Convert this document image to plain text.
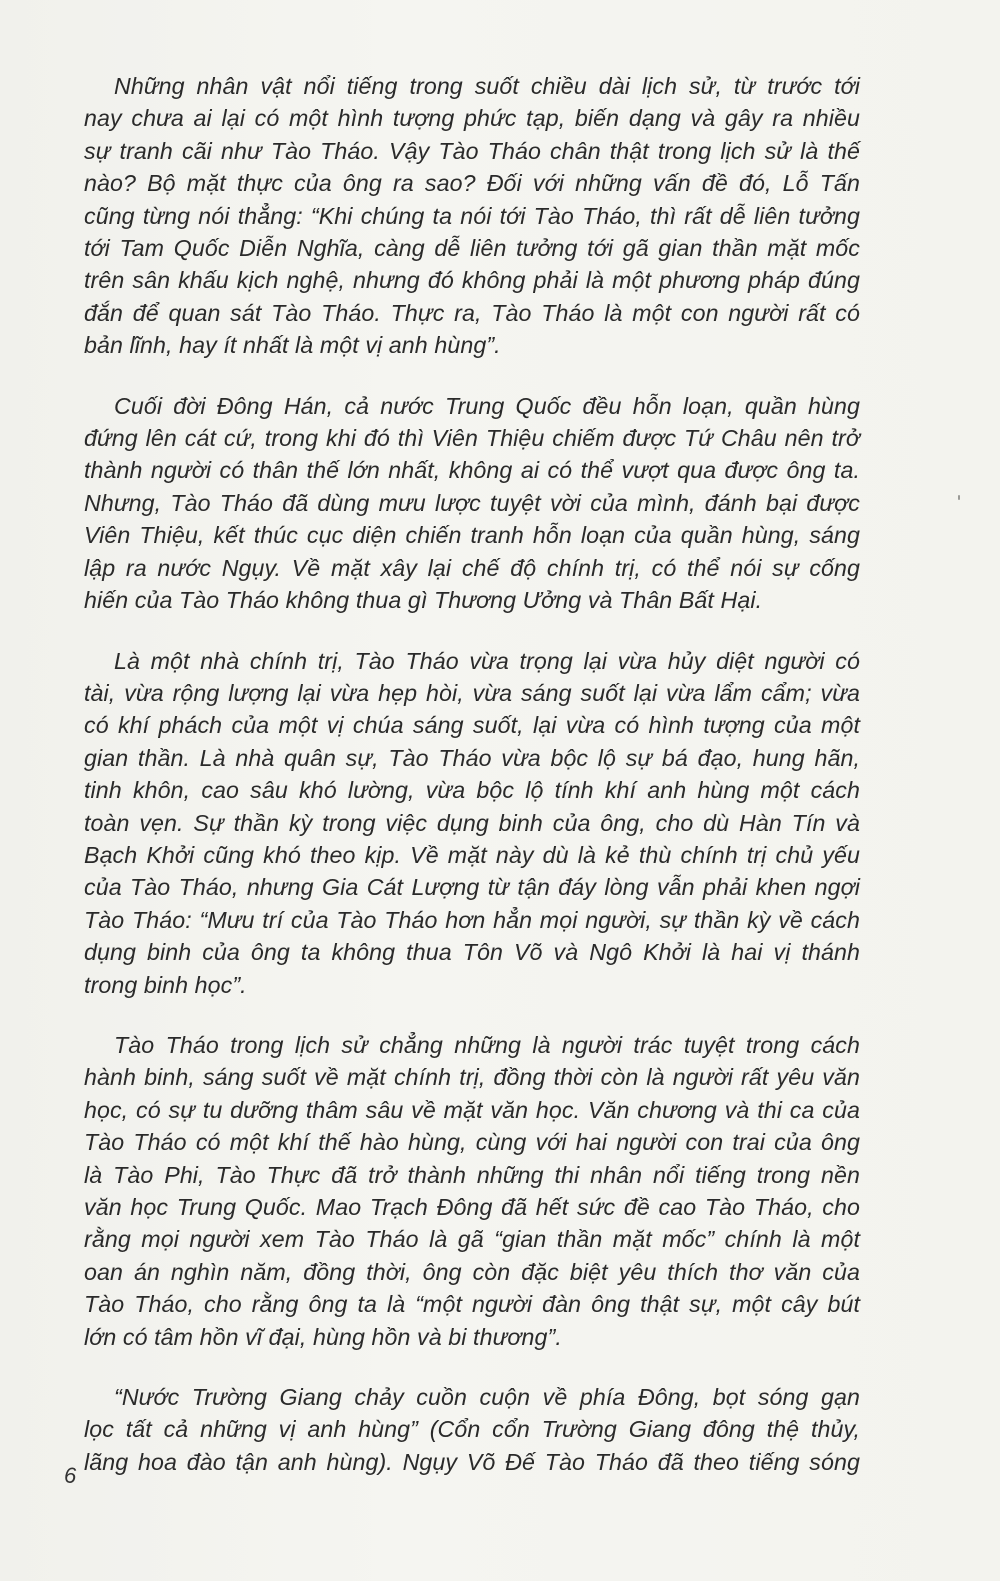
Những nhân vật nổi tiếng trong suốt chiều dài lịch sử, từ trước tới
nay chưa ai lại có một hình tượng phức tạp, biến dạng và gây ra nhiều
sự tranh cãi như Tào Tháo. Vậy Tào Tháo chân thật trong lịch sử là thế
nào? Bộ mặt thực của ông ra sao? Đối với những vấn đề đó, Lỗ Tấn
cũng từng nói thẳng: “Khi chúng ta nói tới Tào Tháo, thì rất dễ liên tưởng
tới Tam Quốc Diễn Nghĩa, càng dễ liên tưởng tới gã gian thần mặt mốc
trên sân khấu kịch nghệ, nhưng đó không phải là một phương pháp đúng
đắn để quan sát Tào Tháo. Thực ra, Tào Tháo là một con người rất có
bản lĩnh, hay ít nhất là một vị anh hùng”.
Cuối đời Đông Hán, cả nước Trung Quốc đều hỗn loạn, quần hùng
đứng lên cát cứ, trong khi đó thì Viên Thiệu chiếm được Tứ Châu nên trở
thành người có thân thế lớn nhất, không ai có thể vượt qua được ông ta.
Nhưng, Tào Tháo đã dùng mưu lược tuyệt vời của mình, đánh bại được
Viên Thiệu, kết thúc cục diện chiến tranh hỗn loạn của quần hùng, sáng
lập ra nước Ngụy. Về mặt xây lại chế độ chính trị, có thể nói sự cống
hiến của Tào Tháo không thua gì Thương Ưởng và Thân Bất Hại.
Là một nhà chính trị, Tào Tháo vừa trọng lại vừa hủy diệt người có
tài, vừa rộng lượng lại vừa hẹp hòi, vừa sáng suốt lại vừa lẩm cẩm; vừa
có khí phách của một vị chúa sáng suốt, lại vừa có hình tượng của một
gian thần. Là nhà quân sự, Tào Tháo vừa bộc lộ sự bá đạo, hung hãn,
tinh khôn, cao sâu khó lường, vừa bộc lộ tính khí anh hùng một cách
toàn vẹn. Sự thần kỳ trong việc dụng binh của ông, cho dù Hàn Tín và
Bạch Khởi cũng khó theo kịp. Về mặt này dù là kẻ thù chính trị chủ yếu
của Tào Tháo, nhưng Gia Cát Lượng từ tận đáy lòng vẫn phải khen ngợi
Tào Tháo: “Mưu trí của Tào Tháo hơn hẳn mọi người, sự thần kỳ về cách
dụng binh của ông ta không thua Tôn Võ và Ngô Khởi là hai vị thánh
trong binh học”.
Tào Tháo trong lịch sử chẳng những là người trác tuyệt trong cách
hành binh, sáng suốt về mặt chính trị, đồng thời còn là người rất yêu văn
học, có sự tu dưỡng thâm sâu về mặt văn học. Văn chương và thi ca của
Tào Tháo có một khí thế hào hùng, cùng với hai người con trai của ông
là Tào Phi, Tào Thực đã trở thành những thi nhân nổi tiếng trong nền
văn học Trung Quốc. Mao Trạch Đông đã hết sức đề cao Tào Tháo, cho
rằng mọi người xem Tào Tháo là gã “gian thần mặt mốc” chính là một
oan án nghìn năm, đồng thời, ông còn đặc biệt yêu thích thơ văn của
Tào Tháo, cho rằng ông ta là “một người đàn ông thật sự, một cây bút
lớn có tâm hồn vĩ đại, hùng hồn và bi thương”.
“Nước Trường Giang chảy cuồn cuộn về phía Đông, bọt sóng gạn
lọc tất cả những vị anh hùng” (Cổn cổn Trường Giang đông thệ thủy,
lãng hoa đào tận anh hùng). Ngụy Võ Đế Tào Tháo đã theo tiếng sóng
6
